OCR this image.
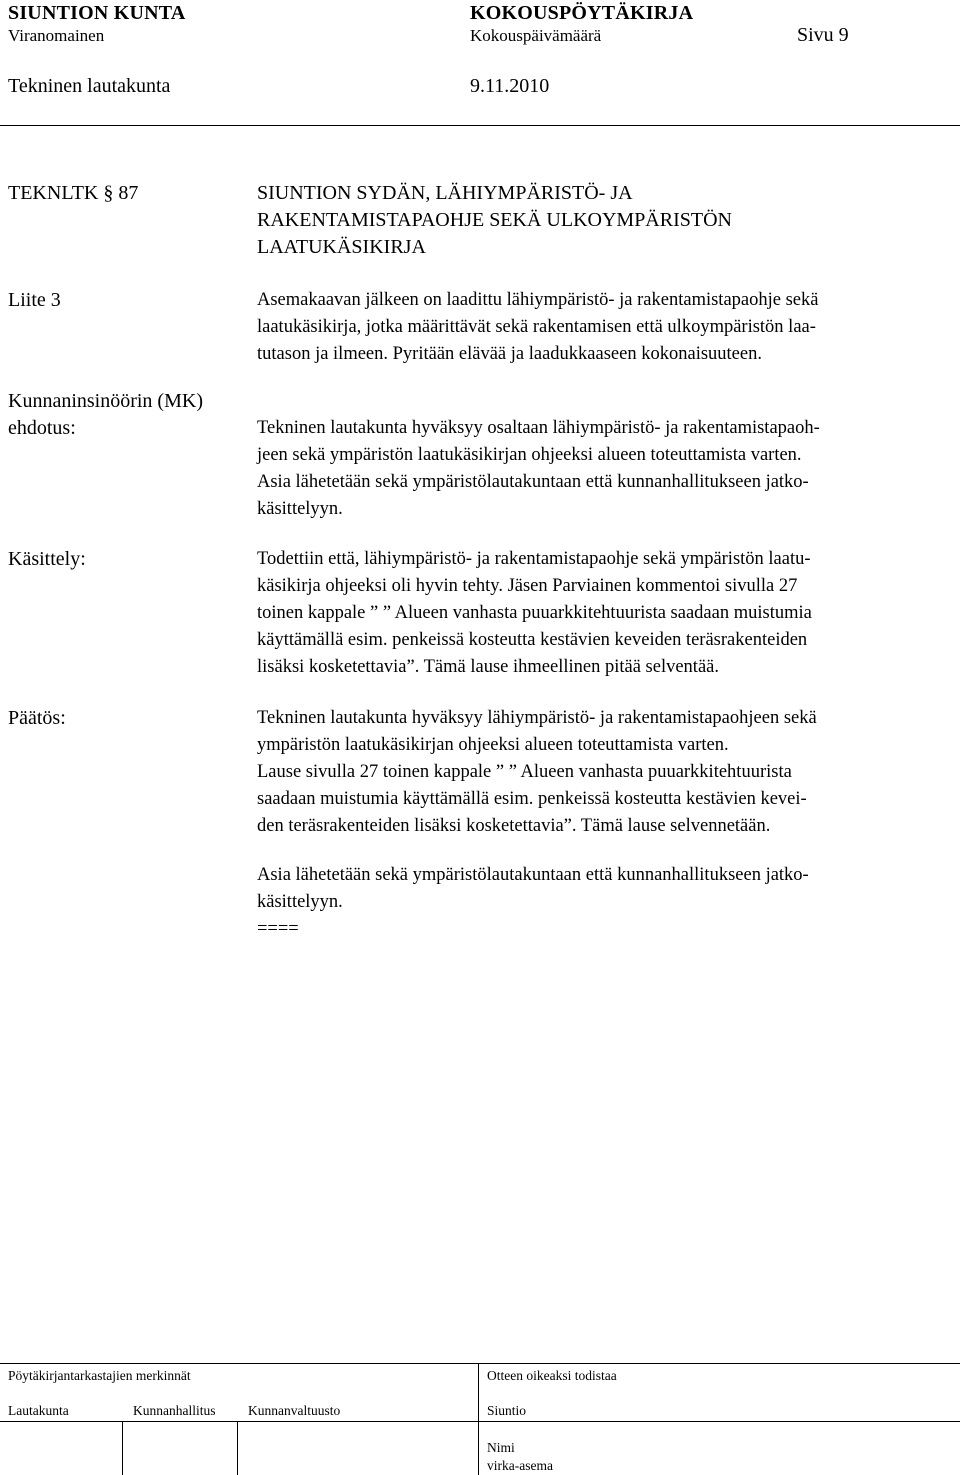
SIUNTION KUNTA	KOKOUSPÖYTÄKIRJA
Viranomainen	Kokouspäivämäärä	Sivu 9
Tekninen lautakunta	9.11.2010
TEKNLTK § 87	SIUNTION SYDÄN, LÄHIYMPÄRISTÖ- JA
RAKENTAMISTAPAOHJE SEKÄ ULKOYMPÄRISTÖN
LAATUKÄSIKIRJA
Liite 3	Asemakaavan jälkeen on laadittu lähiympäristö- ja rakentamistapaohje sekä
laatukäsikirja, jotka määrittävät sekä rakentamisen että ulkoympäristön laa-
tutason ja ilmeen. Pyritään elävää ja laadukkaaseen kokonaisuuteen.
Kunnaninsinöörin (MK)
ehdotus:	Tekninen lautakunta hyväksyy osaltaan lähiympäristö- ja rakentamistapaoh-
jeen sekä ympäristön laatukäsikirjan ohjeeksi alueen toteuttamista varten.
Asia lähetetään sekä ympäristölautakuntaan että kunnanhallitukseen jatko-
käsittelyyn.
Käsittely:	Todettiin että, lähiympäristö- ja rakentamistapaohje sekä ympäristön laatu-
käsikirja ohjeeksi oli hyvin tehty. Jäsen Parviainen kommentoi sivulla 27
toinen kappale ” ” Alueen vanhasta puuarkkitehtuurista saadaan muistumia
käyttämällä esim. penkeissä kosteutta kestävien keveiden teräsrakenteiden
lisäksi kosketettavia”. Tämä lause ihmeellinen pitää selventää.
Päätös:	Tekninen lautakunta hyväksyy lähiympäristö- ja rakentamistapaohjeen sekä
ympäristön laatukäsikirjan ohjeeksi alueen toteuttamista varten.
Lause sivulla 27 toinen kappale ” ” Alueen vanhasta puuarkkitehtuurista
saadaan muistumia käyttämällä esim. penkeissä kosteutta kestävien kevei-
den teräsrakenteiden lisäksi kosketettavia”. Tämä lause selvennetään.
Asia lähetetään sekä ympäristölautakuntaan että kunnanhallitukseen jatko-
käsittelyyn.
====
Pöytäkirjantarkastajien merkinnät	Otteen oikeaksi todistaa
Lautakunta	Kunnanhallitus Kunnanvaltuusto	Siuntio
Nimi
virka-asema
